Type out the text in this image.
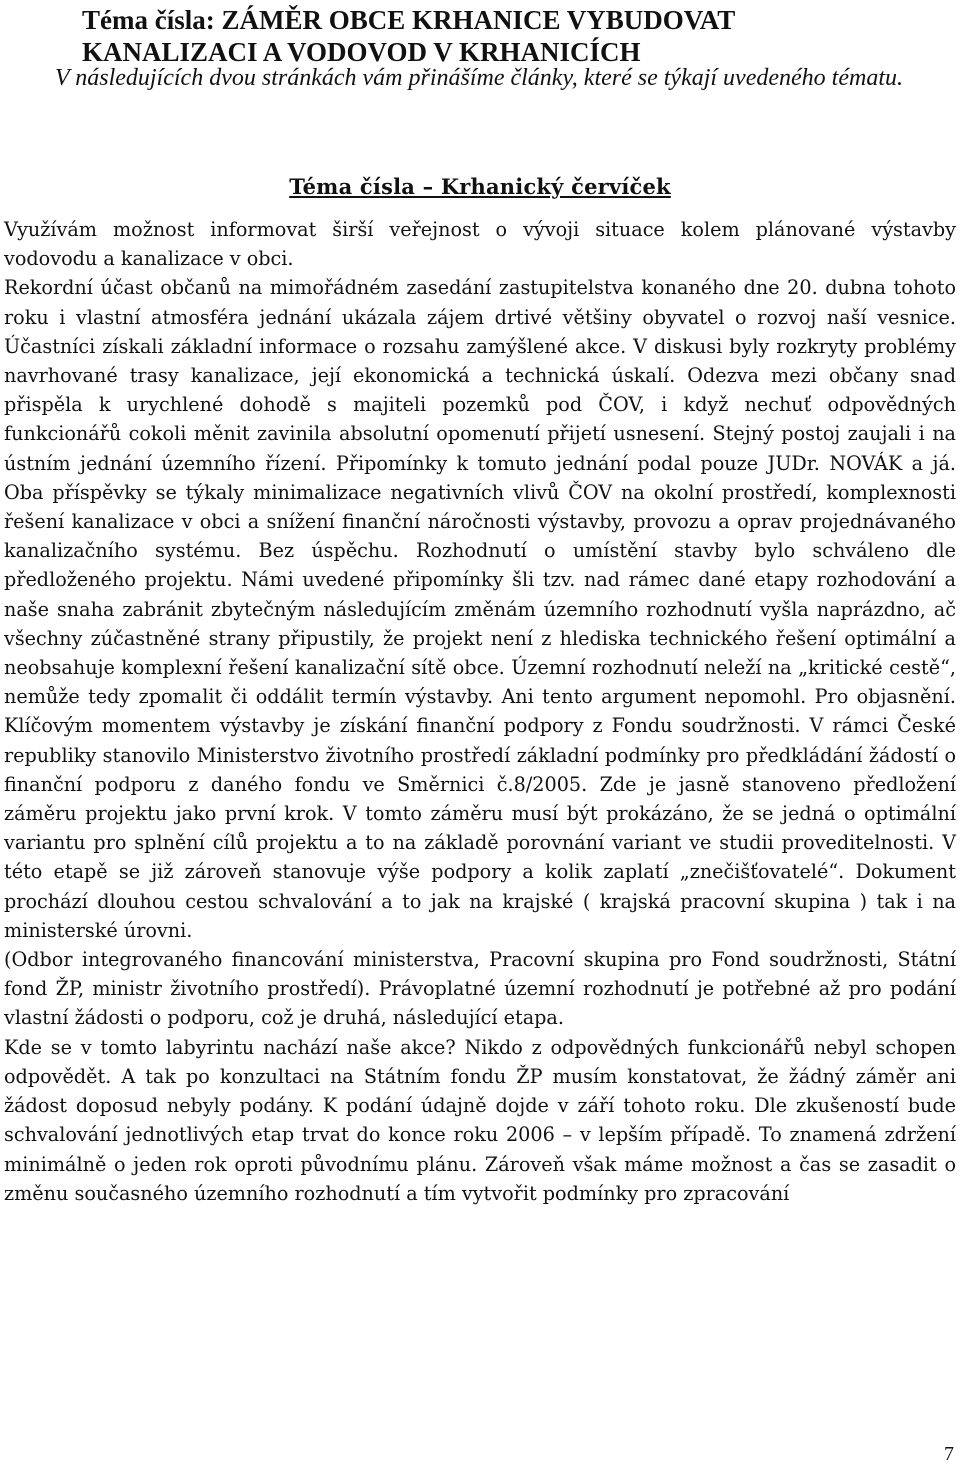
Téma čísla: ZÁMĚR OBCE KRHANICE VYBUDOVAT
KANALIZACI A VODOVOD V KRHANICÍCH

V následujících dvou stránkách vám přinášíme články, které se týkají uvedeného tématu.

Téma čísla – Krhanický červíček

Využívám možnost informovat širší veřejnost o vývoji situace kolem plánované výstavby vodovodu a kanalizace v obci.

Rekordní účast občanů na mimořádném zasedání zastupitelstva konaného dne 20. dubna tohoto roku i vlastní atmosféra jednání ukázala zájem drtivé většiny obyvatel o rozvoj naší vesnice. Účastníci získali základní informace o rozsahu zamýšlené akce. V diskusi byly rozkryty problémy navrhované trasy kanalizace, její ekonomická a technická úskalí. Odezva mezi občany snad přispěla k urychlené dohodě s majiteli pozemků pod ČOV, i když nechuť odpovědných funkcionářů cokoli měnit zavinila absolutní opomenutí přijetí usnesení. Stejný postoj zaujali i na ústním jednání územního řízení. Připomínky k tomuto jednání podal pouze JUDr. NOVÁK a já. Oba příspěvky se týkaly minimalizace negativních vlivů ČOV na okolní prostředí, komplexnosti řešení kanalizace v obci a snížení finanční náročnosti výstavby, provozu a oprav projednávaného kanalizačního systému. Bez úspěchu. Rozhodnutí o umístění stavby bylo schváleno dle předloženého projektu. Námi uvedené připomínky šli tzv. nad rámec dané etapy rozhodování a naše snaha zabránit zbytečným následujícím změnám územního rozhodnutí vyšla naprázdno, ač všechny zúčastněné strany připustily, že projekt není z hlediska technického řešení optimální a neobsahuje komplexní řešení kanalizační sítě obce. Územní rozhodnutí neleží na „kritické cestě“, nemůže tedy zpomalit či oddálit termín výstavby. Ani tento argument nepomohl. Pro objasnění. Klíčovým momentem výstavby je získání finanční podpory z Fondu soudržnosti. V rámci České republiky stanovilo Ministerstvo životního prostředí základní podmínky pro předkládání žádostí o finanční podporu z daného fondu ve Směrnici č.8/2005. Zde je jasně stanoveno předložení záměru projektu jako první krok. V tomto záměru musí být prokázáno, že se jedná o optimální variantu pro splnění cílů projektu a to na základě porovnání variant ve studii proveditelnosti. V této etapě se již zároveň stanovuje výše podpory a kolik zaplatí „znečišťovatelé“. Dokument prochází dlouhou cestou schvalování a to jak na krajské ( krajská pracovní skupina ) tak i na ministerské úrovni.

(Odbor integrovaného financování ministerstva, Pracovní skupina pro Fond soudržnosti, Státní fond ŽP, ministr životního prostředí). Právoplatné územní rozhodnutí je potřebné až pro podání vlastní žádosti o podporu, což je druhá, následující etapa.

Kde se v tomto labyrintu nachází naše akce? Nikdo z odpovědných funkcionářů nebyl schopen odpovědět. A tak po konzultaci na Státním fondu ŽP musím konstatovat, že žádný záměr ani žádost doposud nebyly podány. K podání údajně dojde v září tohoto roku. Dle zkušeností bude schvalování jednotlivých etap trvat do konce roku 2006 – v lepším případě. To znamená zdržení minimálně o jeden rok oproti původnímu plánu. Zároveň však máme možnost a čas se zasadit o změnu současného územního rozhodnutí a tím vytvořit podmínky pro zpracování

7
